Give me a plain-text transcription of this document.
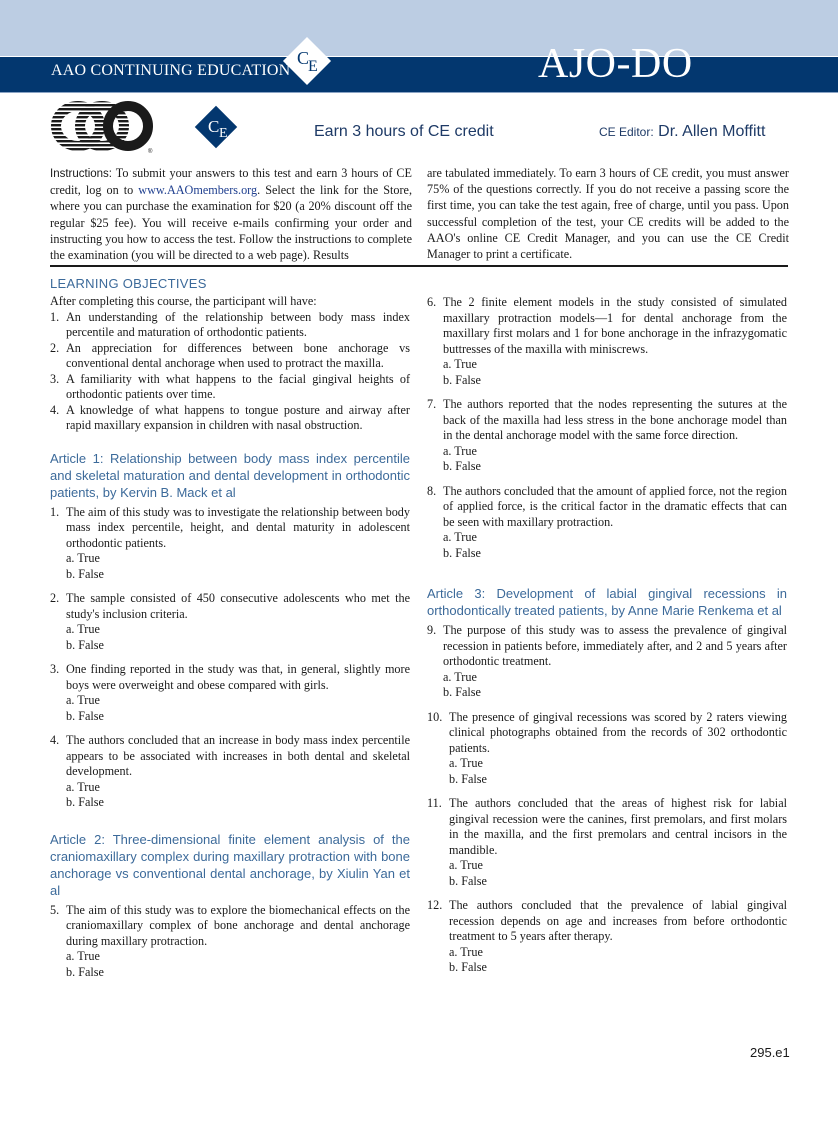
AAO CONTINUING EDUCATION
C
E	AJO-DO
®
C E	Earn 3 hours of CE credit	CE Editor: Dr. Allen Moffitt
Instructions: To submit your answers to this test and earn 3 hours of CE credit, log on to www.AAOmembers.org. Select the link for the Store, where you can purchase the examination for $20 (a 20% discount off the regular $25 fee). You will receive e-mails confirming your order and instructing you how to access the test. Follow the instructions to complete the examination (you will be directed to a web page). Results
are tabulated immediately. To earn 3 hours of CE credit, you must answer 75% of the questions correctly. If you do not receive a passing score the first time, you can take the test again, free of charge, until you pass. Upon successful completion of the test, your CE credits will be added to the AAO's online CE Credit Manager, and you can use the CE Credit Manager to print a certificate.
LEARNING OBJECTIVES
After completing this course, the participant will have:
1. An understanding of the relationship between body mass index percentile and maturation of orthodontic patients.
2. An appreciation for differences between bone anchorage vs conventional dental anchorage when used to protract the maxilla.
3. A familiarity with what happens to the facial gingival heights of orthodontic patients over time.
4. A knowledge of what happens to tongue posture and airway after rapid maxillary expansion in children with nasal obstruction.
Article 1: Relationship between body mass index percentile and skeletal maturation and dental development in orthodontic patients, by Kervin B. Mack et al
1. The aim of this study was to investigate the relationship between body mass index percentile, height, and dental maturity in adolescent orthodontic patients.
a. True
b. False
2. The sample consisted of 450 consecutive adolescents who met the study's inclusion criteria.
a. True
b. False
3. One finding reported in the study was that, in general, slightly more boys were overweight and obese compared with girls.
a. True
b. False
4. The authors concluded that an increase in body mass index percentile appears to be associated with increases in both dental and skeletal development.
a. True
b. False
Article 2: Three-dimensional finite element analysis of the craniomaxillary complex during maxillary protraction with bone anchorage vs conventional dental anchorage, by Xiulin Yan et al
5. The aim of this study was to explore the biomechanical effects on the craniomaxillary complex of bone anchorage and dental anchorage during maxillary protraction.
a. True
b. False
6. The 2 finite element models in the study consisted of simulated maxillary protraction models—1 for dental anchorage from the maxillary first molars and 1 for bone anchorage in the infrazygomatic buttresses of the maxilla with miniscrews.
a. True
b. False
7. The authors reported that the nodes representing the sutures at the back of the maxilla had less stress in the bone anchorage model than in the dental anchorage model with the same force direction.
a. True
b. False
8. The authors concluded that the amount of applied force, not the region of applied force, is the critical factor in the dramatic effects that can be seen with maxillary protraction.
a. True
b. False
Article 3: Development of labial gingival recessions in orthodontically treated patients, by Anne Marie Renkema et al
9. The purpose of this study was to assess the prevalence of gingival recession in patients before, immediately after, and 2 and 5 years after orthodontic treatment.
a. True
b. False
10. The presence of gingival recessions was scored by 2 raters viewing clinical photographs obtained from the records of 302 orthodontic patients.
a. True
b. False
11. The authors concluded that the areas of highest risk for labial gingival recession were the canines, first premolars, and first molars in the maxilla, and the first premolars and central incisors in the mandible.
a. True
b. False
12. The authors concluded that the prevalence of labial gingival recession depends on age and increases from before orthodontic treatment to 5 years after therapy.
a. True
b. False
295.e1
